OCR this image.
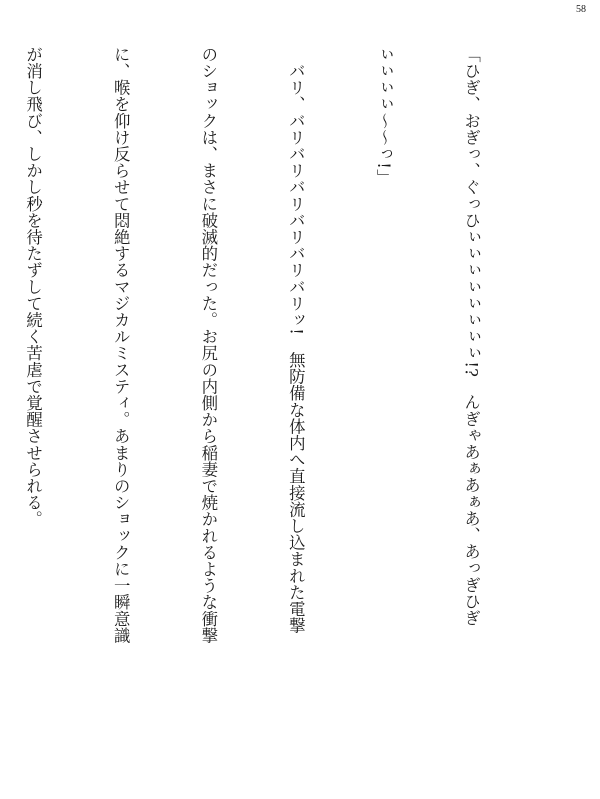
58

「ひぎ、おぎっ、ぐっひぃぃぃぃぃぃぃぃ!?　んぎゃあぁあぁあ、あっぎひぎ

ぃぃぃぃ〜〜っ!」

　バリ、バリバリバリバリバリバリッ!　無防備な体内へ直接流し込まれた電撃

のショックは、まさに破滅的だった。お尻の内側から稲妻で焼かれるような衝撃

に、喉を仰け反らせて悶絶するマジカルミスティ。あまりのショックに一瞬意識

が消し飛び、しかし秒を待たずして続く苦虐で覚醒させられる。
